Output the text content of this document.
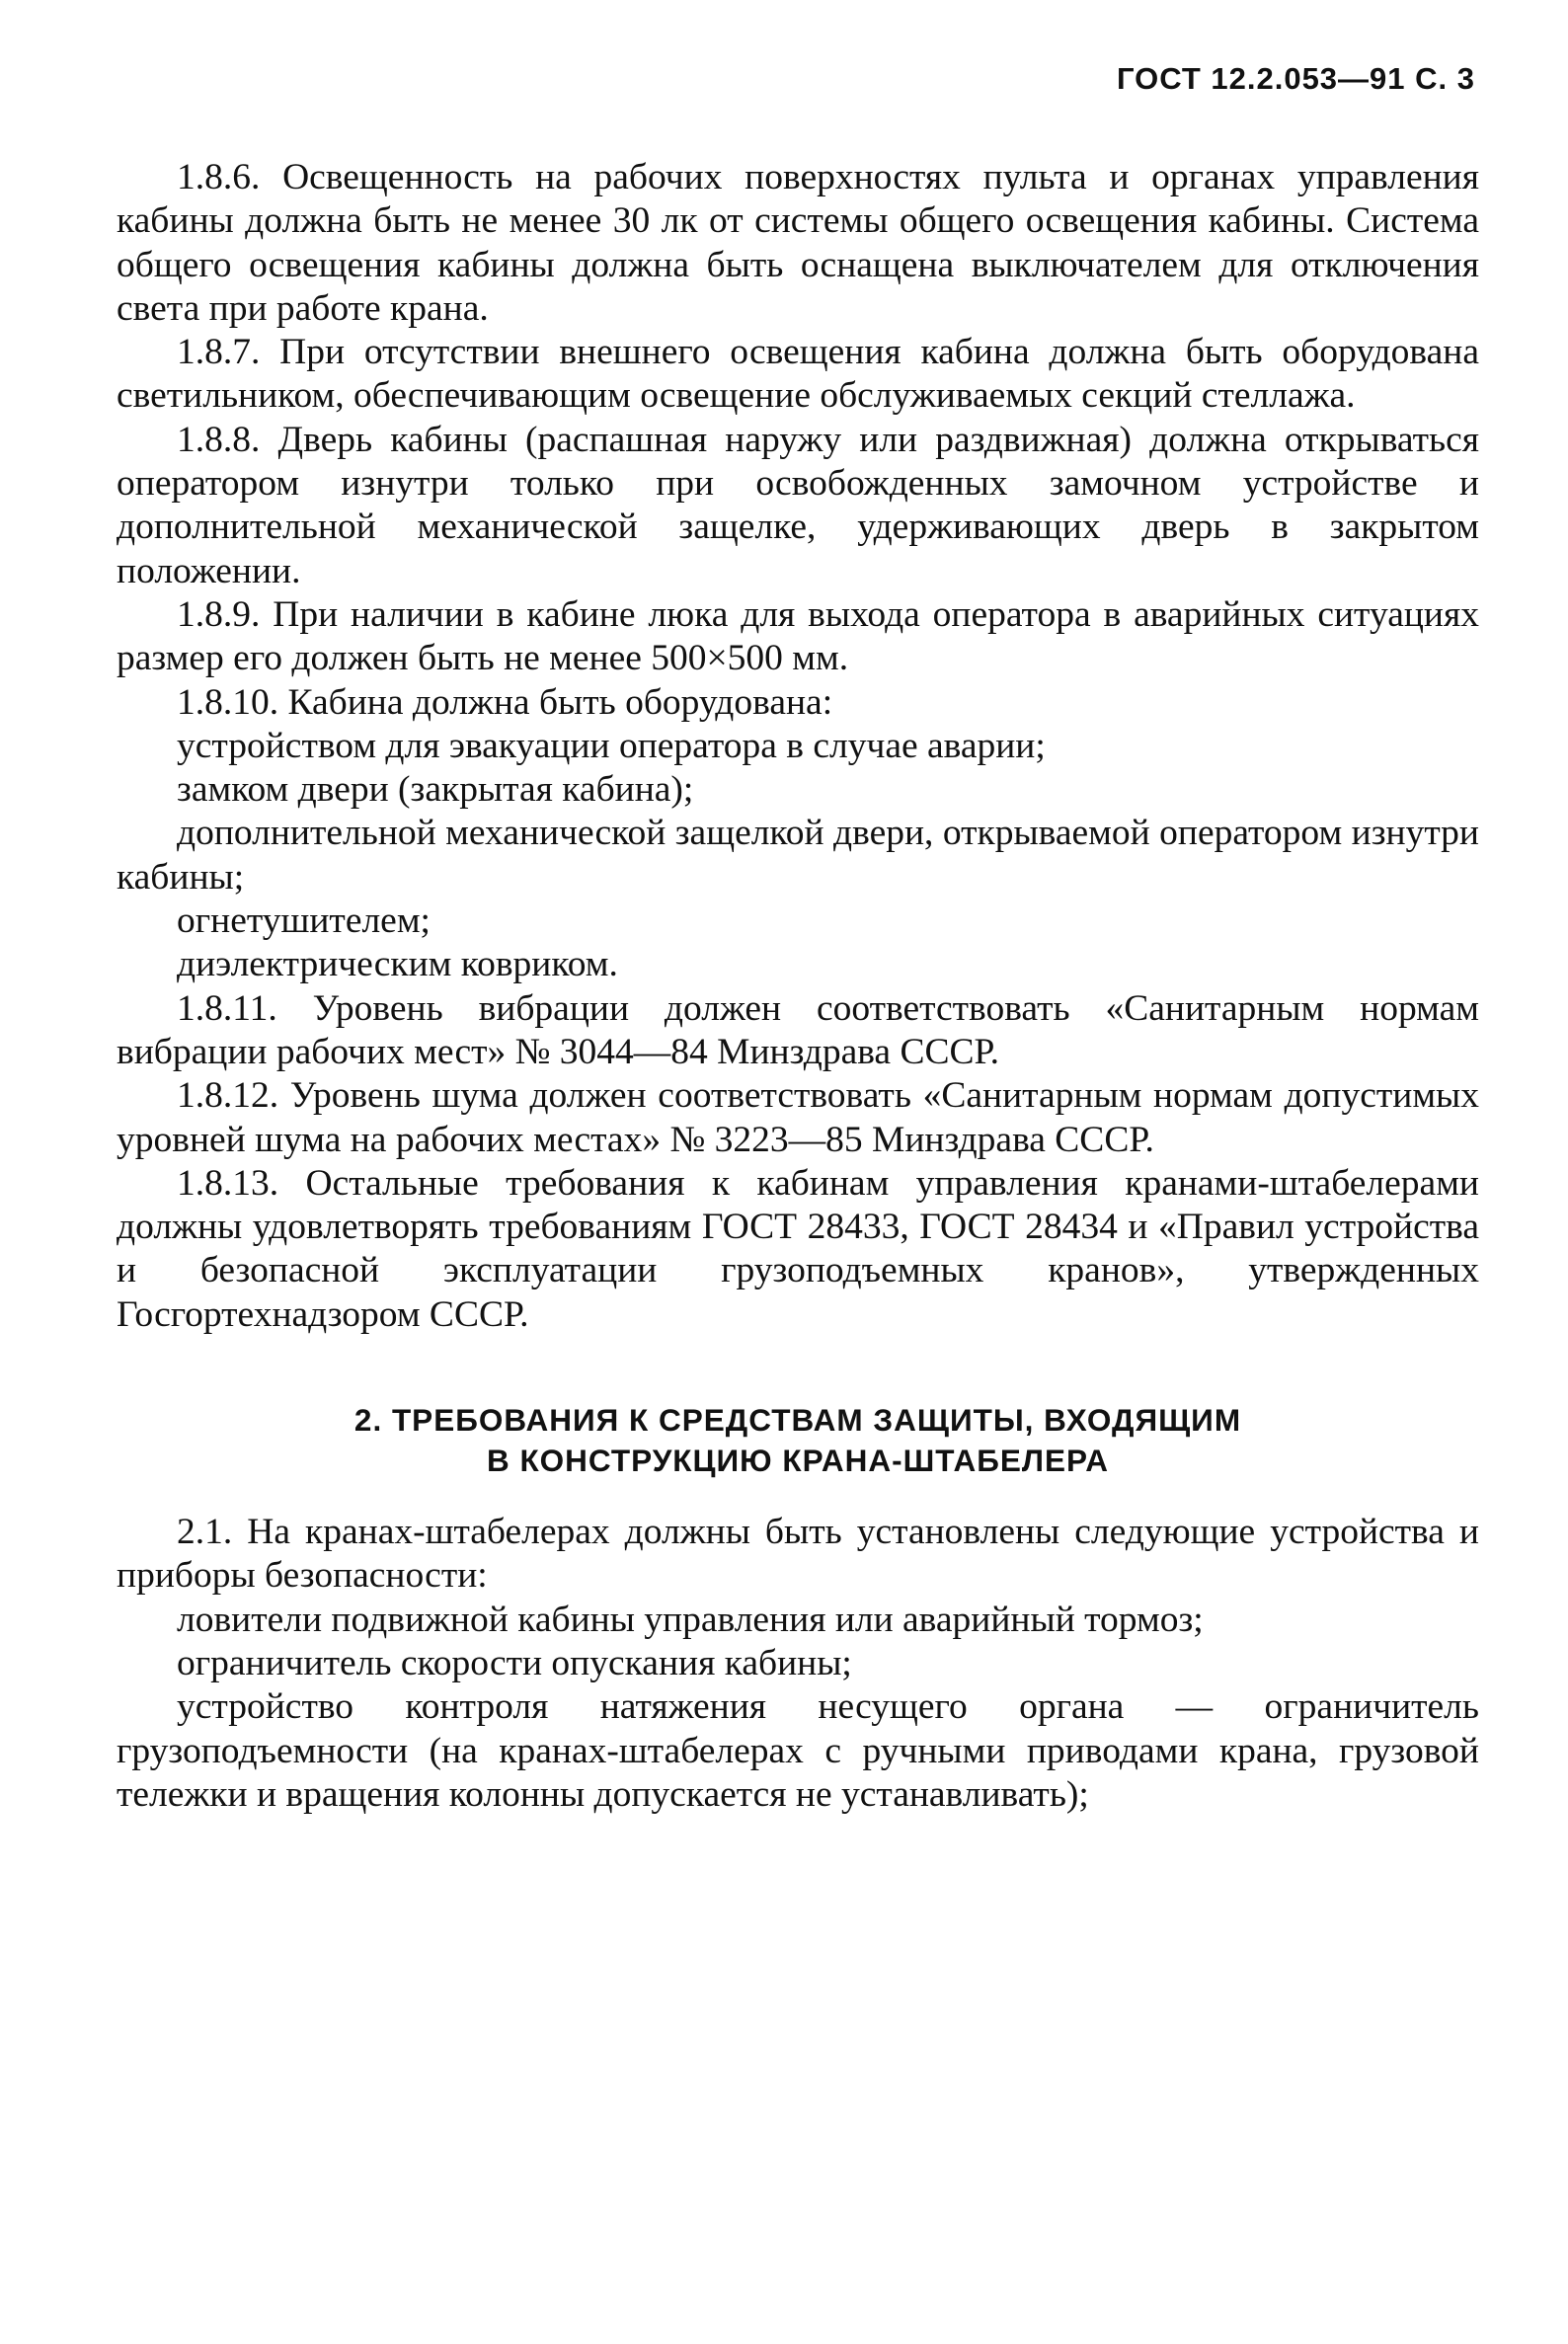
ГОСТ 12.2.053—91 С. 3

1.8.6. Освещенность на рабочих поверхностях пульта и органах управления кабины должна быть не менее 30 лк от системы общего освещения кабины. Система общего освещения кабины должна быть оснащена выключателем для отключения света при работе крана.

1.8.7. При отсутствии внешнего освещения кабина должна быть оборудована светильником, обеспечивающим освещение обслуживаемых секций стеллажа.

1.8.8. Дверь кабины (распашная наружу или раздвижная) должна открываться оператором изнутри только при освобожденных замочном устройстве и дополнительной механической защелке, удерживающих дверь в закрытом положении.

1.8.9. При наличии в кабине люка для выхода оператора в аварийных ситуациях размер его должен быть не менее 500×500 мм.

1.8.10. Кабина должна быть оборудована:

устройством для эвакуации оператора в случае аварии;

замком двери (закрытая кабина);

дополнительной механической защелкой двери, открываемой оператором изнутри кабины;

огнетушителем;

диэлектрическим ковриком.

1.8.11. Уровень вибрации должен соответствовать «Санитарным нормам вибрации рабочих мест» № 3044—84 Минздрава СССР.

1.8.12. Уровень шума должен соответствовать «Санитарным нормам допустимых уровней шума на рабочих местах» № 3223—85 Минздрава СССР.

1.8.13. Остальные требования к кабинам управления кранами-штабелерами должны удовлетворять требованиям ГОСТ 28433, ГОСТ 28434 и «Правил устройства и безопасной эксплуатации грузоподъемных кранов», утвержденных Госгортехнадзором СССР.

2. ТРЕБОВАНИЯ К СРЕДСТВАМ ЗАЩИТЫ, ВХОДЯЩИМ
В КОНСТРУКЦИЮ КРАНА-ШТАБЕЛЕРА

2.1. На кранах-штабелерах должны быть установлены следующие устройства и приборы безопасности:

ловители подвижной кабины управления или аварийный тормоз;

ограничитель скорости опускания кабины;

устройство контроля натяжения несущего органа — ограничитель грузоподъемности (на кранах-штабелерах с ручными приводами крана, грузовой тележки и вращения колонны допускается не устанавливать);
